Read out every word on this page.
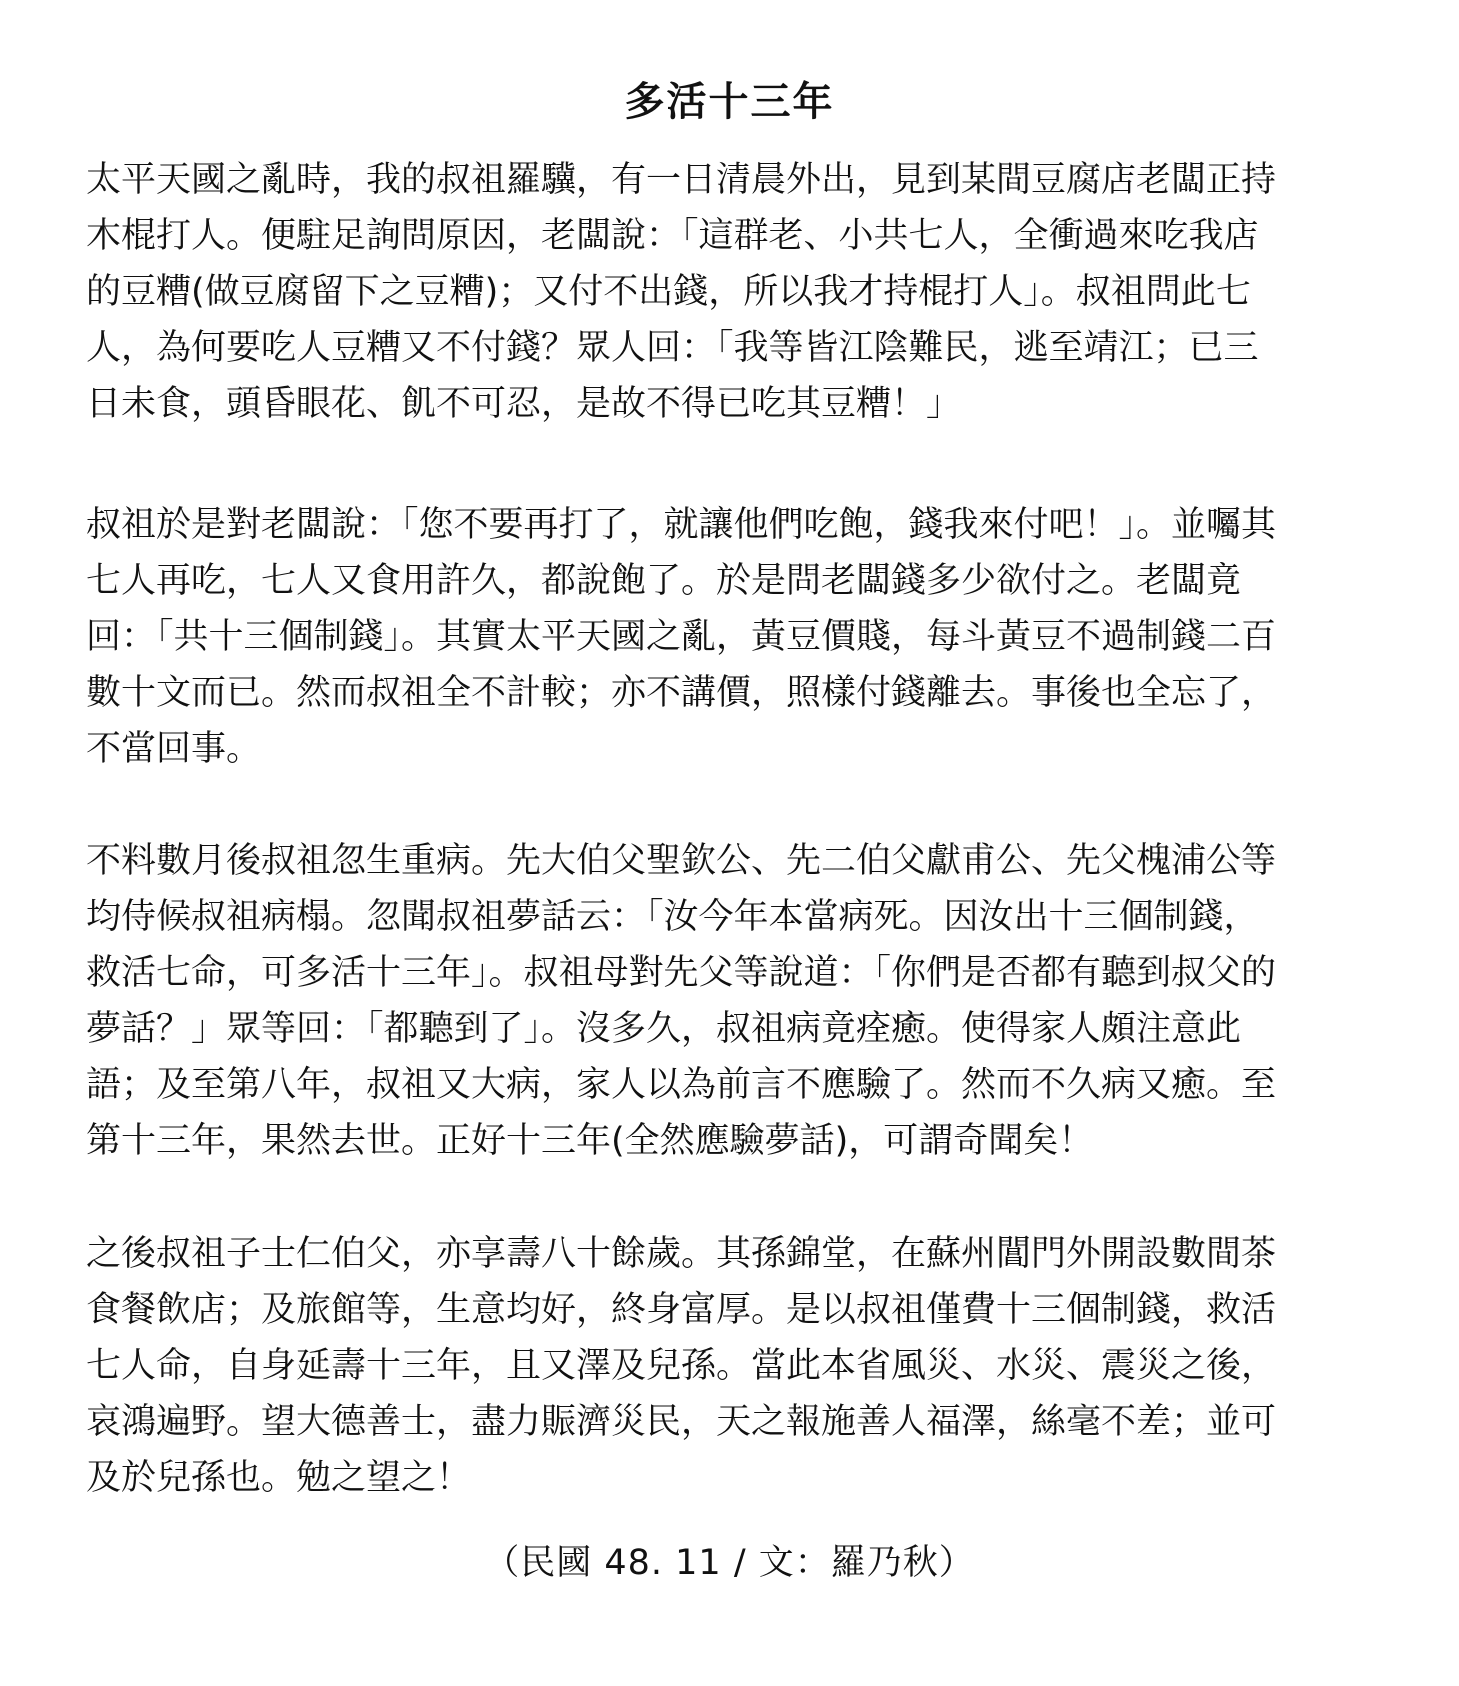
多活十三年
太平天國之亂時，我的叔祖羅驥，有一日清晨外出，見到某間豆腐店老闆正持
木棍打人。便駐足詢問原因，老闆說：「這群老、小共七人，全衝過來吃我店
的豆糟(做豆腐留下之豆糟)；又付不出錢，所以我才持棍打人」。叔祖問此七
人，為何要吃人豆糟又不付錢？眾人回：「我等皆江陰難民，逃至靖江；已三
日未食，頭昏眼花、飢不可忍，是故不得已吃其豆糟！」
叔祖於是對老闆說：「您不要再打了，就讓他們吃飽，錢我來付吧！」。並囑其
七人再吃，七人又食用許久，都說飽了。於是問老闆錢多少欲付之。老闆竟
回：「共十三個制錢」。其實太平天國之亂，黃豆價賤，每斗黃豆不過制錢二百
數十文而已。然而叔祖全不計較；亦不講價，照樣付錢離去。事後也全忘了，
不當回事。
不料數月後叔祖忽生重病。先大伯父聖欽公、先二伯父獻甫公、先父槐浦公等
均侍候叔祖病榻。忽聞叔祖夢話云：「汝今年本當病死。因汝出十三個制錢，
救活七命，可多活十三年」。叔祖母對先父等說道：「你們是否都有聽到叔父的
夢話？」眾等回：「都聽到了」。沒多久，叔祖病竟痊癒。使得家人頗注意此
語；及至第八年，叔祖又大病，家人以為前言不應驗了。然而不久病又癒。至
第十三年，果然去世。正好十三年(全然應驗夢話)，可謂奇聞矣！
之後叔祖子士仁伯父，亦享壽八十餘歲。其孫錦堂，在蘇州閶門外開設數間茶
食餐飲店；及旅館等，生意均好，終身富厚。是以叔祖僅費十三個制錢，救活
七人命，自身延壽十三年，且又澤及兒孫。當此本省風災、水災、震災之後，
哀鴻遍野。望大德善士，盡力賑濟災民，天之報施善人福澤，絲毫不差；並可
及於兒孫也。勉之望之！
（民國 48. 11 / 文：羅乃秋）
